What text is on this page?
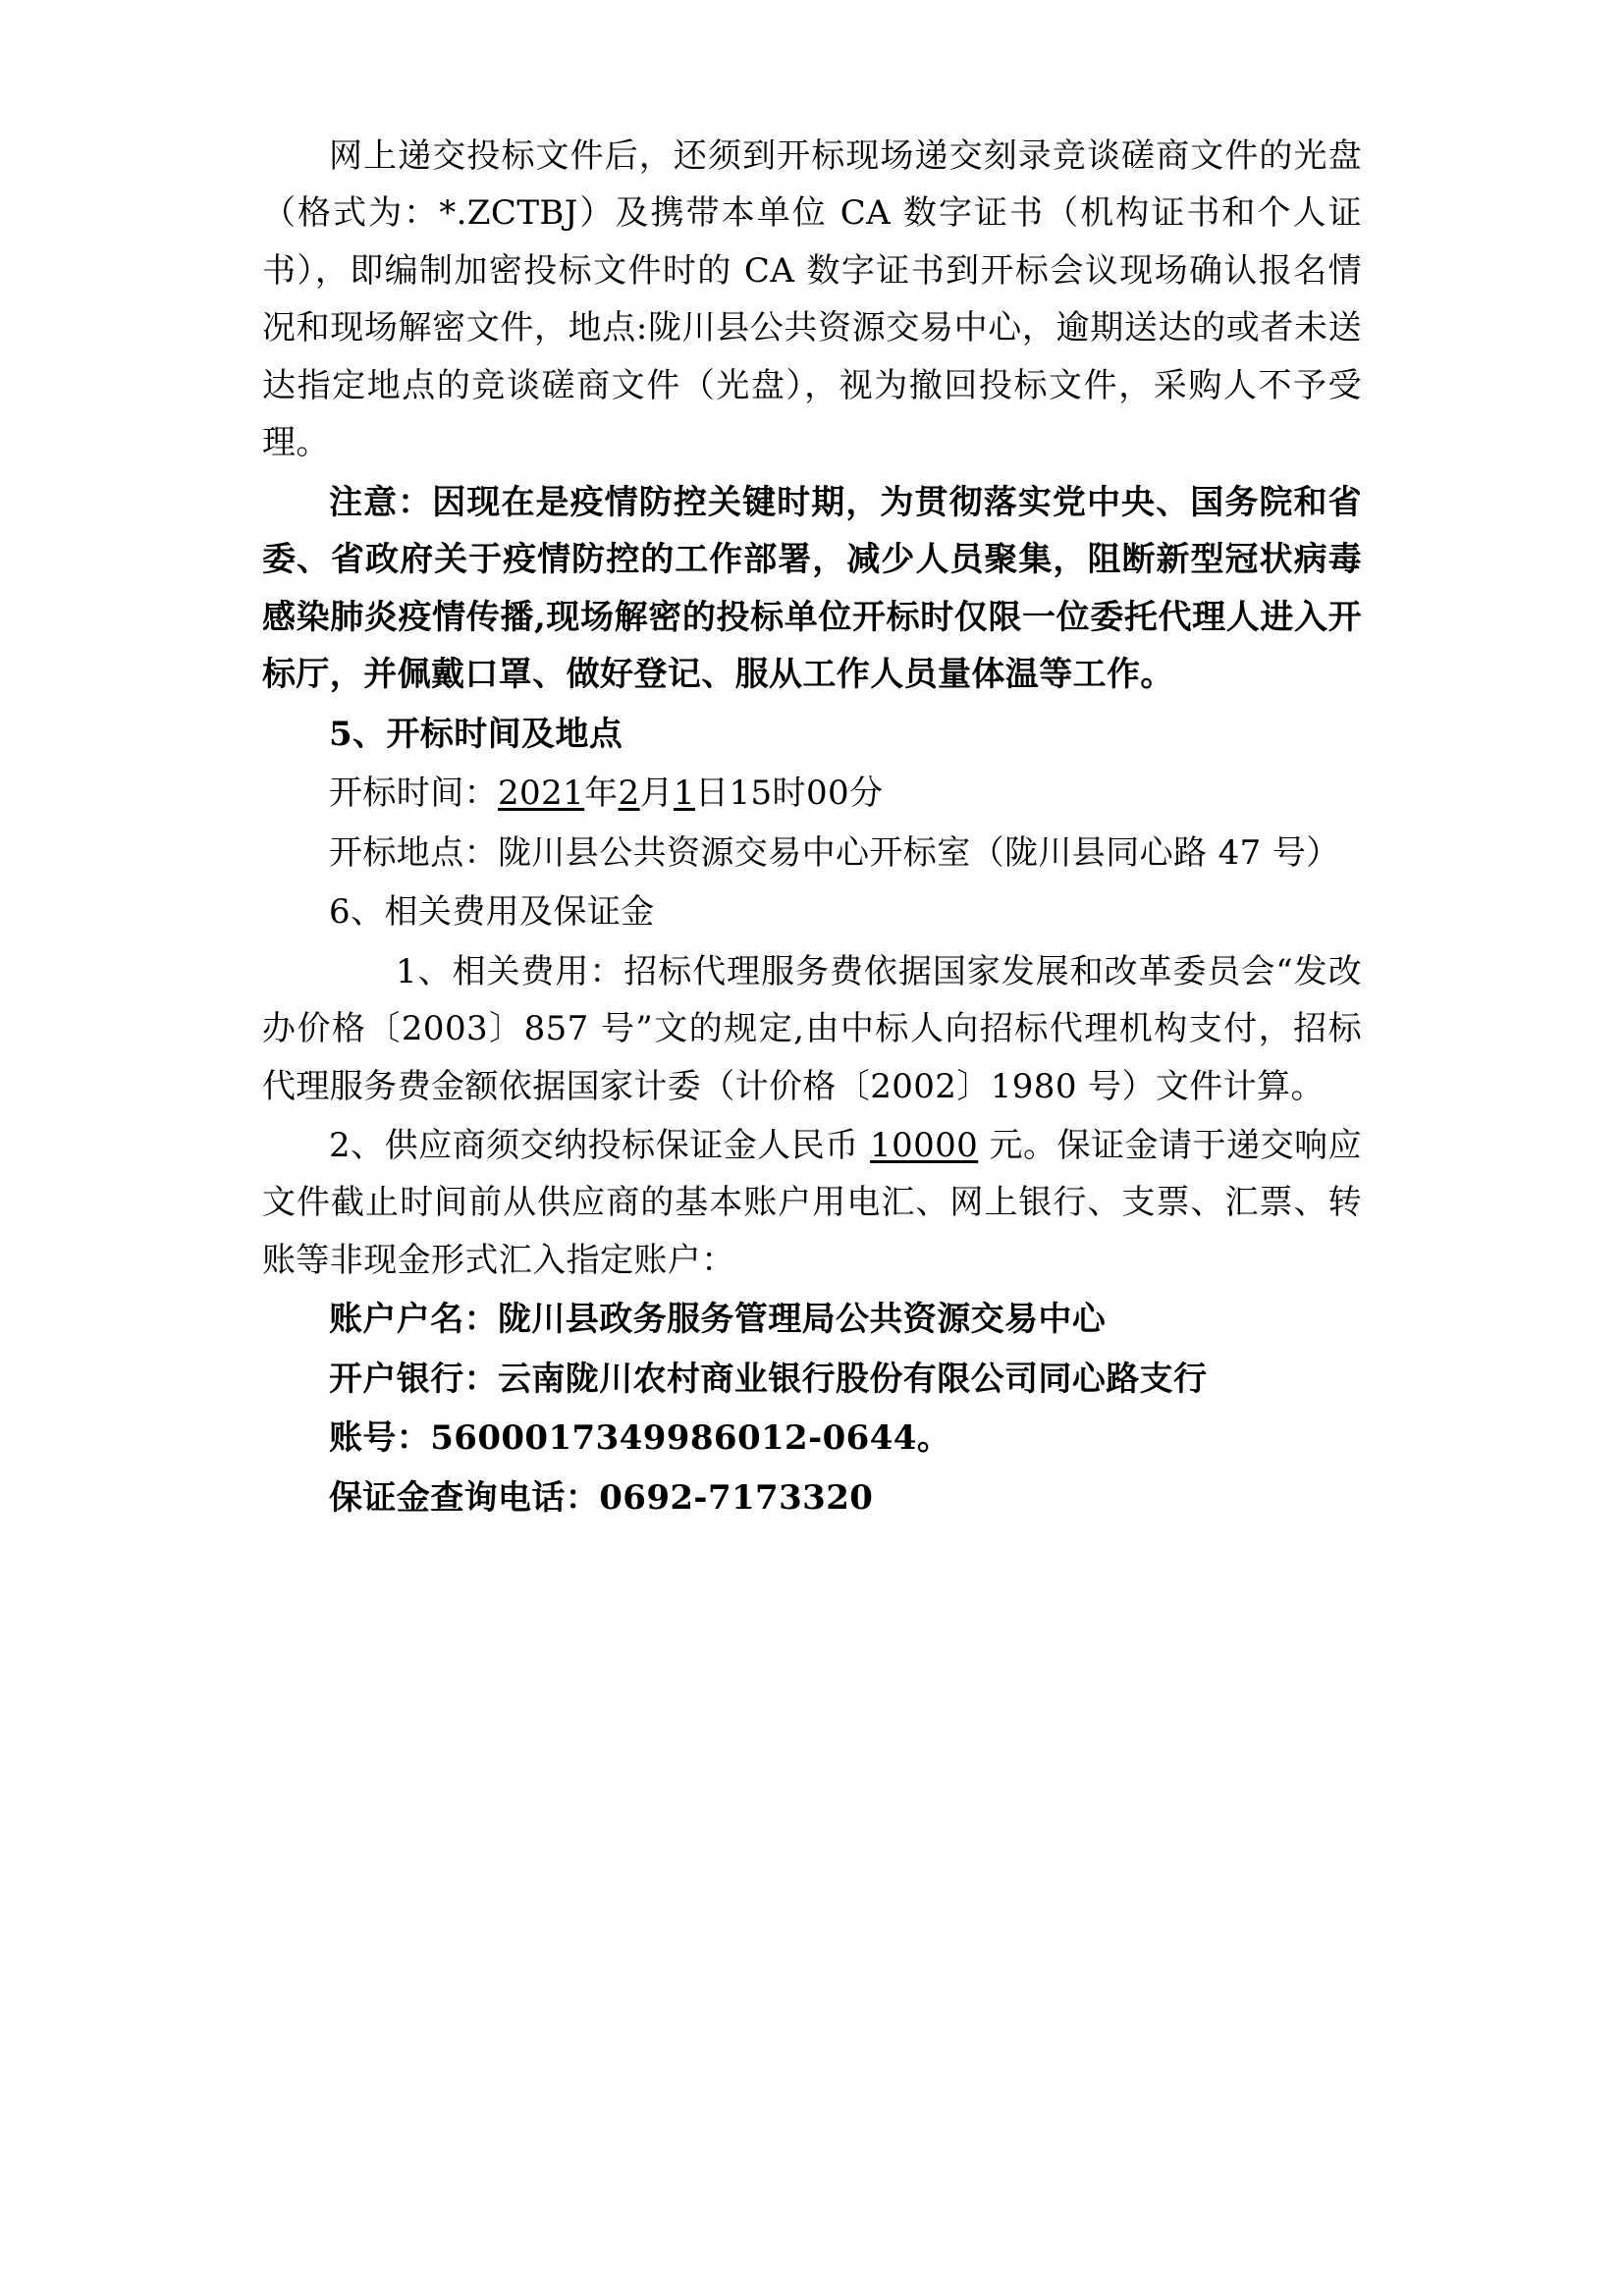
网上递交投标文件后，还须到开标现场递交刻录竞谈磋商文件的光盘（格式为：*.ZCTBJ）及携带本单位 CA 数字证书（机构证书和个人证书），即编制加密投标文件时的 CA 数字证书到开标会议现场确认报名情况和现场解密文件，地点:陇川县公共资源交易中心，逾期送达的或者未送达指定地点的竞谈磋商文件（光盘），视为撤回投标文件，采购人不予受理。

注意：因现在是疫情防控关键时期，为贯彻落实党中央、国务院和省委、省政府关于疫情防控的工作部署，减少人员聚集，阻断新型冠状病毒感染肺炎疫情传播,现场解密的投标单位开标时仅限一位委托代理人进入开标厅，并佩戴口罩、做好登记、服从工作人员量体温等工作。

5、开标时间及地点

开标时间：2021年2月1日15时00分

开标地点：陇川县公共资源交易中心开标室（陇川县同心路 47 号）

6、相关费用及保证金

1、相关费用：招标代理服务费依据国家发展和改革委员会“发改办价格〔2003〕857 号”文的规定,由中标人向招标代理机构支付，招标代理服务费金额依据国家计委（计价格〔2002〕1980 号）文件计算。

2、供应商须交纳投标保证金人民币 10000 元。保证金请于递交响应文件截止时间前从供应商的基本账户用电汇、网上银行、支票、汇票、转账等非现金形式汇入指定账户：

账户户名：陇川县政务服务管理局公共资源交易中心

开户银行：云南陇川农村商业银行股份有限公司同心路支行

账号：5600017349986012-0644。

保证金查询电话：0692-7173320
